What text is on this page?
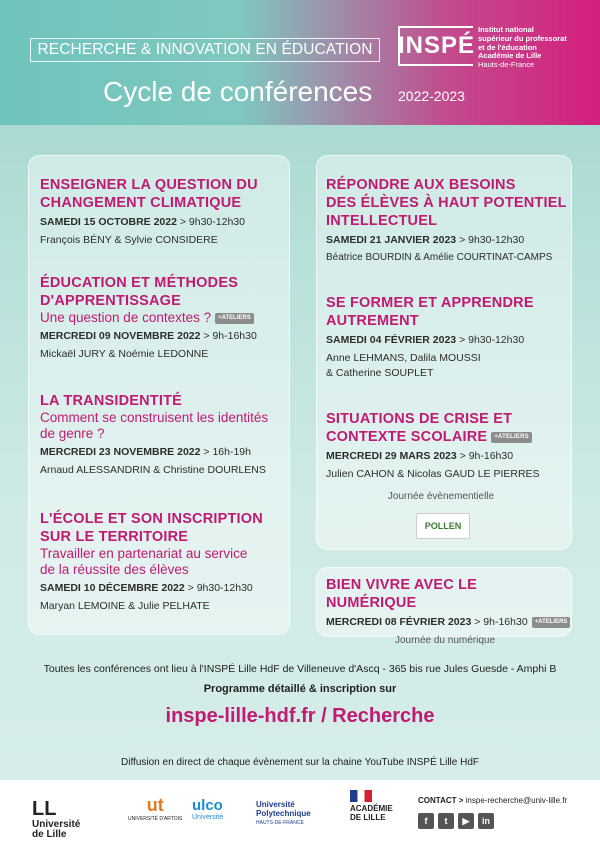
RECHERCHE & INNOVATION EN ÉDUCATION
Cycle de conférences 2022-2023
INSPÉ
Institut national
supérieur du professorat
et de l'éducation
Académie de Lille
Hauts-de-France
ENSEIGNER LA QUESTION DU
CHANGEMENT CLIMATIQUE
SAMEDI 15 OCTOBRE 2022 > 9h30-12h30
François BÉNY & Sylvie CONSIDERE
ÉDUCATION ET MÉTHODES
D'APPRENTISSAGE
Une question de contextes ? +ATELIERS
MERCREDI 09 NOVEMBRE 2022 > 9h-16h30
Mickaël JURY & Noémie LEDONNE
LA TRANSIDENTITÉ
Comment se construisent les identités
de genre ?
MERCREDI 23 NOVEMBRE 2022 > 16h-19h
Arnaud ALESSANDRIN & Christine DOURLENS
L'ÉCOLE ET SON INSCRIPTION
SUR LE TERRITOIRE
Travailler en partenariat au service
de la réussite des élèves
SAMEDI 10 DÉCEMBRE 2022 > 9h30-12h30
Maryan LEMOINE & Julie PELHATE
RÉPONDRE AUX BESOINS
DES ÉLÈVES À HAUT POTENTIEL
INTELLECTUEL
SAMEDI 21 JANVIER 2023 > 9h30-12h30
Béatrice BOURDIN & Amélie COURTINAT-CAMPS
SE FORMER ET APPRENDRE
AUTREMENT
SAMEDI 04 FÉVRIER 2023 > 9h30-12h30
Anne LEHMANS, Dalila MOUSSI
& Catherine SOUPLET
SITUATIONS DE CRISE ET
CONTEXTE SCOLAIRE +ATELIERS
MERCREDI 29 MARS 2023 > 9h-16h30
Julien CAHON & Nicolas GAUD LE PIERRES
Journée évènementielle
POLLEN
BIEN VIVRE AVEC LE NUMÉRIQUE
MERCREDI 08 FÉVRIER 2023 > 9h-16h30 +ATELIERS
Journée du numérique
Toutes les conférences ont lieu à l'INSPÉ Lille HdF de Villeneuve d'Ascq - 365 bis rue Jules Guesde - Amphi B
Programme détaillé & inscription sur
inspe-lille-hdf.fr / Recherche
Diffusion en direct de chaque évènement sur la chaine YouTube INSPÉ Lille HdF
LL
Université
de Lille
ut
UNIVERSITÉ D'ARTOIS
ulco
Université
Université
Polytechnique
HAUTS-DE-FRANCE
ACADÉMIE
DE LILLE
CONTACT > inspe-recherche@univ-lille.fr
f	t	▶	in
